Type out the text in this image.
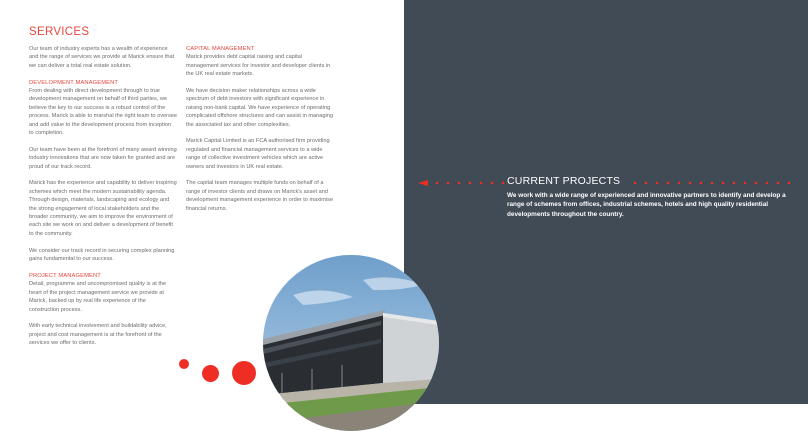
SERVICES

Our team of industry experts has a wealth of experience and the range of services we provide at Marick ensure that we can deliver a total real estate solution.

DEVELOPMENT MANAGEMENT

From dealing with direct development through to true development management on behalf of third parties, we believe the key to our success is a robust control of the process. Marick is able to marshal the right team to oversee and add value to the development process from inception to completion.

Our team have been at the forefront of many award winning industry innovations that are now taken for granted and are proud of our track record.

Marick has the experience and capability to deliver inspiring schemes which meet the modern sustainability agenda. Through design, materials, landscaping and ecology and the strong engagement of local stakeholders and the broader community, we aim to improve the environment of each site we work on and deliver a development of benefit to the community.

We consider our track record in securing complex planning gains fundamental to our success.

PROJECT MANAGEMENT

Detail, programme and uncompromised quality is at the heart of the project management service we provide at Marick, backed up by real life experience of the construction process.

With early technical involvement and buildability advice, project and cost management is at the forefront of the services we offer to clients.

CAPITAL MANAGEMENT

Marick provides debt capital raising and capital management services for investor and developer clients in the UK real estate markets.

We have decision maker relationships across a wide spectrum of debt investors with significant experience in raising non-bank capital. We have experience of operating complicated offshore structures and can assist in managing the associated tax and other complexities.

Marick Capital Limited is an FCA authorised firm providing regulated and financial management services to a wide range of collective investment vehicles which are active owners and investors in UK real estate.

The capital team manages multiple funds on behalf of a range of investor clients and draws on Marick's asset and development management experience in order to maximise financial returns.

CURRENT PROJECTS

We work with a wide range of experienced and innovative partners to identify and develop a range of schemes from offices, industrial schemes, hotels and high quality residential developments throughout the country.
